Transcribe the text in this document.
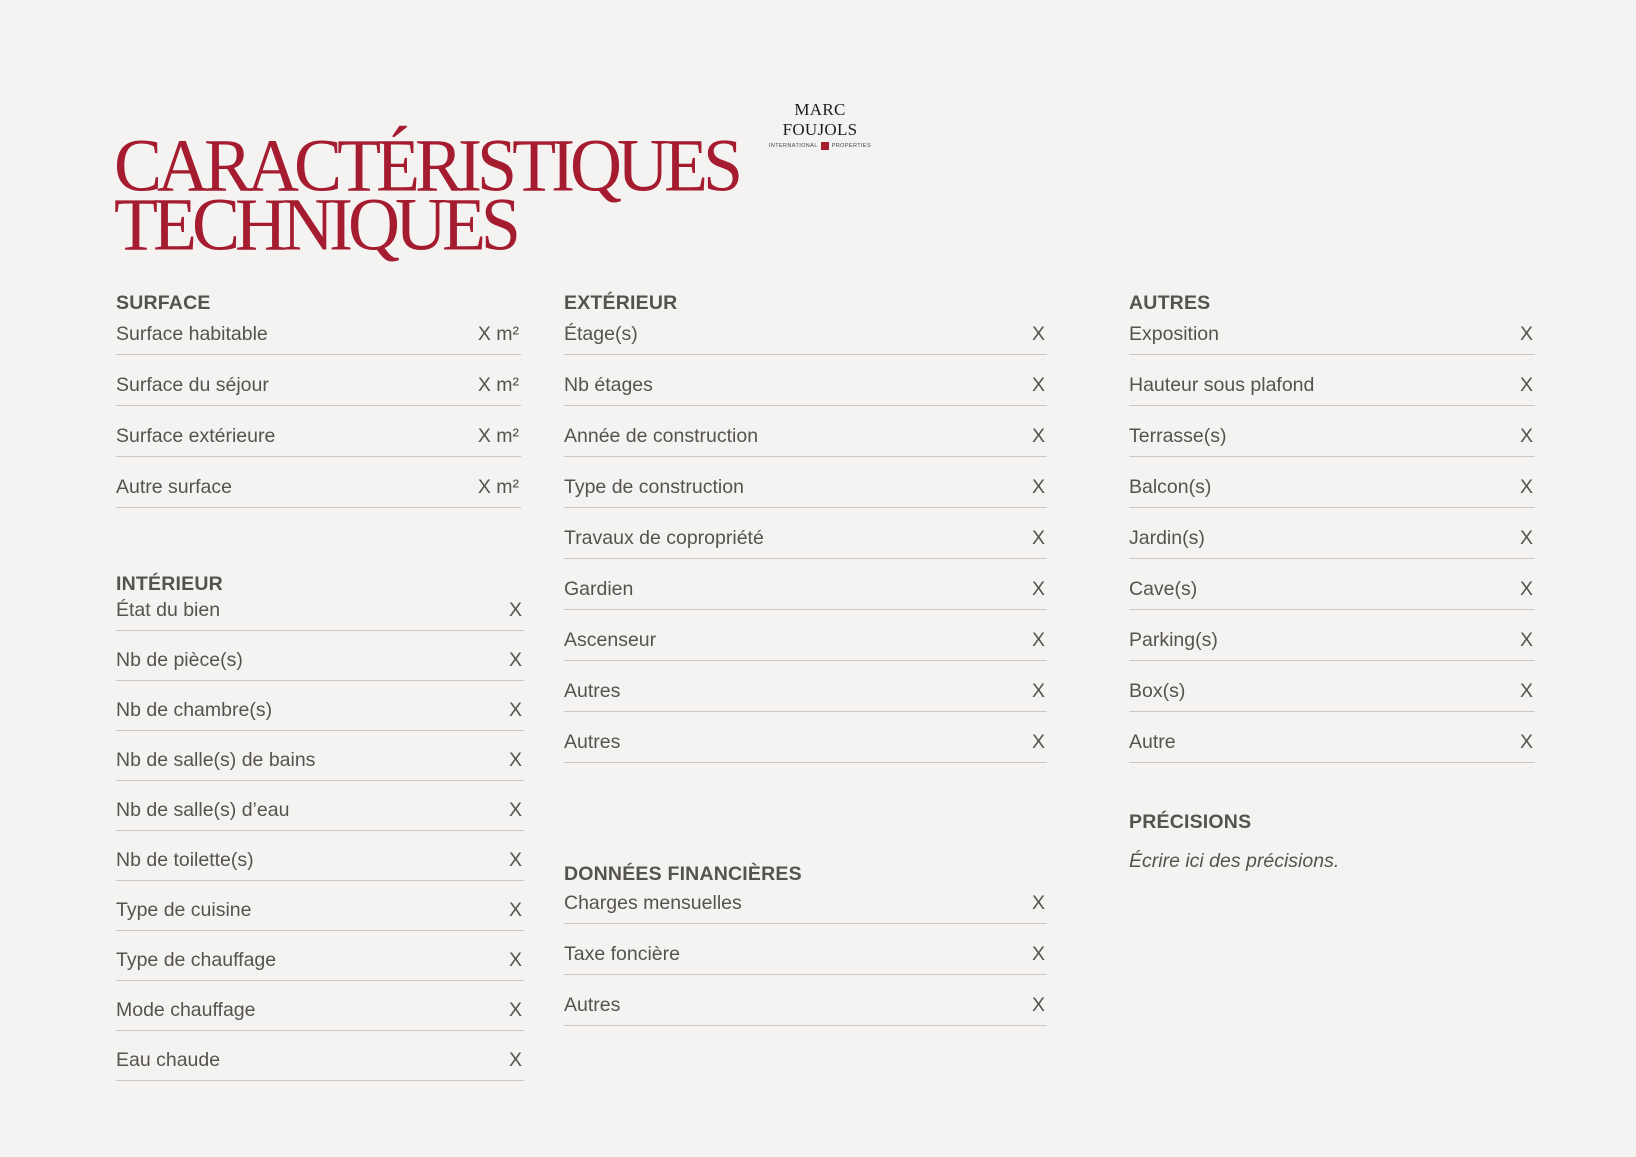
MARC FOUJOLS
INTERNATIONAL	PROPERTIES
CARACTÉRISTIQUES
TECHNIQUES
SURFACE
Surface habitable	X m²
Surface du séjour	X m²
Surface extérieure	X m²
Autre surface	X m²
INTÉRIEUR
État du bien	X
Nb de pièce(s)	X
Nb de chambre(s)	X
Nb de salle(s) de bains	X
Nb de salle(s) d’eau	X
Nb de toilette(s)	X
Type de cuisine	X
Type de chauffage	X
Mode chauffage	X
Eau chaude	X
EXTÉRIEUR
Étage(s)	X
Nb étages	X
Année de construction	X
Type de construction	X
Travaux de copropriété	X
Gardien	X
Ascenseur	X
Autres	X
Autres	X
DONNÉES FINANCIÈRES
Charges mensuelles	X
Taxe foncière	X
Autres	X
AUTRES
Exposition	X
Hauteur sous plafond	X
Terrasse(s)	X
Balcon(s)	X
Jardin(s)	X
Cave(s)	X
Parking(s)	X
Box(s)	X
Autre	X
PRÉCISIONS
Écrire ici des précisions.
